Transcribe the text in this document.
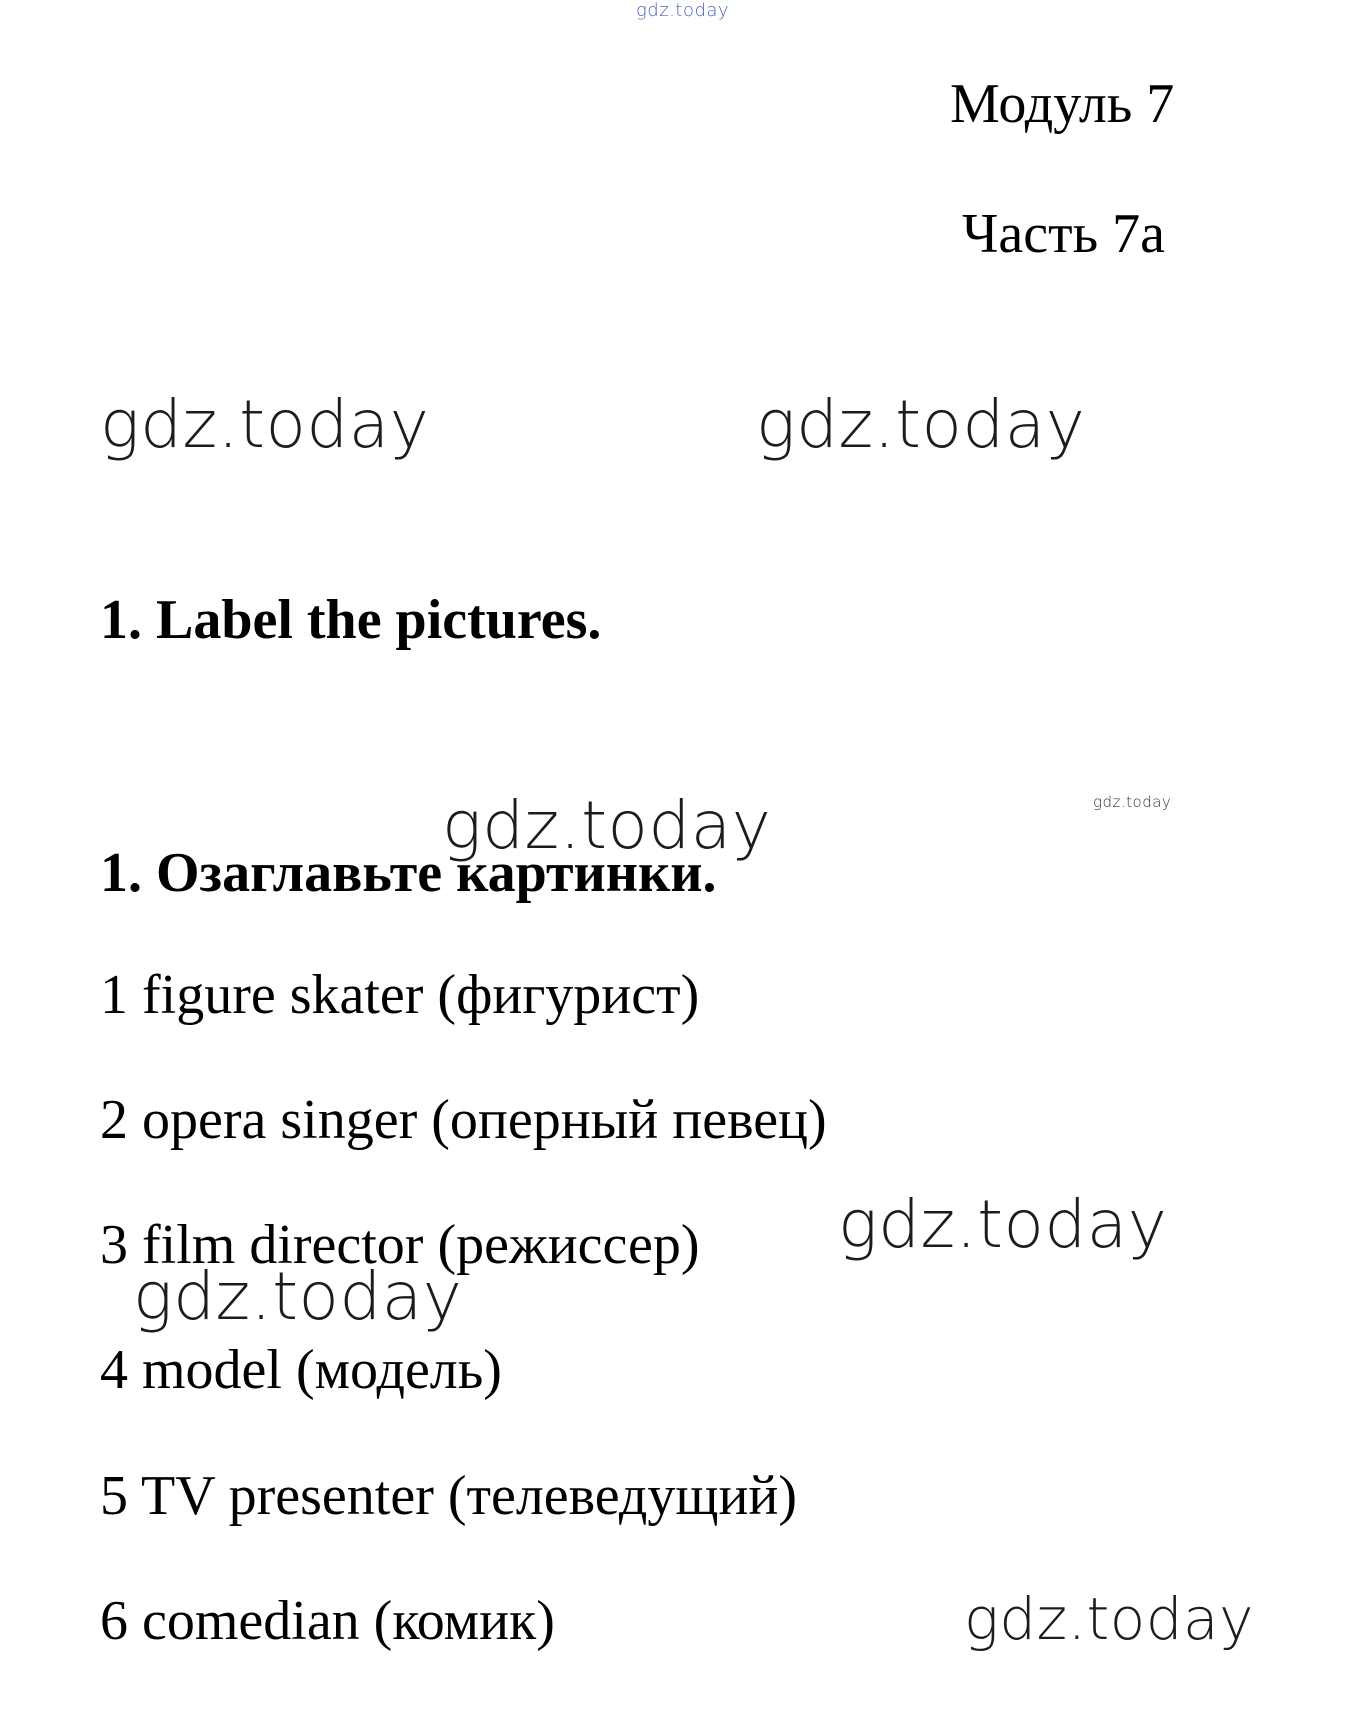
gdz.today
Модуль 7
Часть 7а
gdz.today	gdz.today
1. Label the pictures.
gdz.today
1. Озаглавьте картинки.
gdz.today
1 figure skater (фигурист)
2 opera singer (оперный певец)
3 film director (режиссер) gdz.today
gdz.today
4 model (модель)
5 TV presenter (телеведущий)
6 comedian (комик)	gdz.today
